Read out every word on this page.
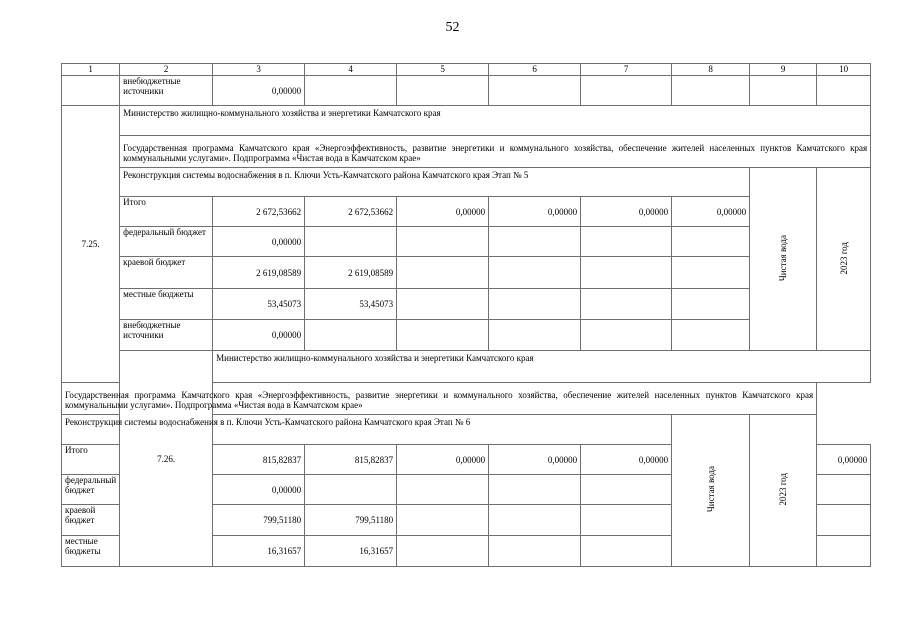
52
1	2	3	4	5	6	7	8	9	10
	внебюджетные источники	0,00000							
7.25.	Министерство жилищно-коммунального хозяйства и энергетики Камчатского края								
	Государственная программа Камчатского края «Энергоэффективность, развитие энергетики и коммунального хозяйства, обеспечение жителей населенных пунктов Камчатского края коммунальными услугами». Подпрограмма «Чистая вода в Камчатском крае»								
	Реконструкция системы водоснабжения в п. Ключи Усть-Камчатского района Камчатского края Этап № 5							Чистая вода	2023 год
	Итого	2 672,53662	2 672,53662	0,00000	0,00000	0,00000	0,00000		
	федеральный бюджет	0,00000							
	краевой бюджет	2 619,08589	2 619,08589						
	местные бюджеты	53,45073	53,45073						
	внебюджетные источники	0,00000							
	7.26.	Министерство жилищно-коммунального хозяйства и энергетики Камчатского края							
Государственная программа Камчатского края «Энергоэффективность, развитие энергетики и коммунального хозяйства, обеспечение жителей населенных пунктов Камчатского края коммунальными услугами». Подпрограмма «Чистая вода в Камчатском крае»									
Реконструкция системы водоснабжения в п. Ключи Усть-Камчатского района Камчатского края Этап № 6							Чистая вода	2023 год	
Итого		815,82837	815,82837	0,00000	0,00000	0,00000			0,00000
федеральный бюджет		0,00000							
краевой бюджет		799,51180	799,51180						
местные бюджеты		16,31657	16,31657						
